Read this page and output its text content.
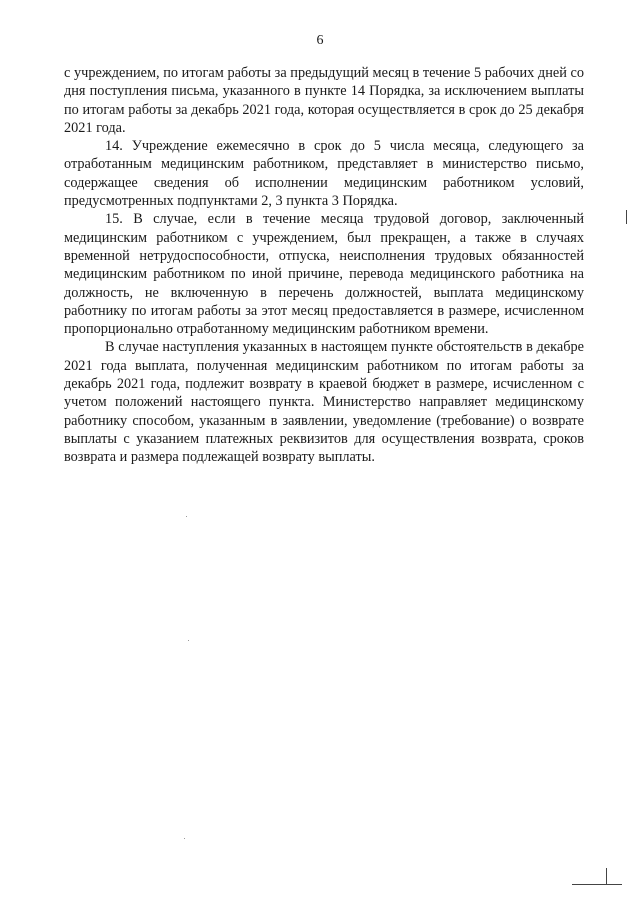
6

с учреждением, по итогам работы за предыдущий месяц в течение 5 рабочих дней со дня поступления письма, указанного в пункте 14 Порядка, за исключением выплаты по итогам работы за декабрь 2021 года, которая осуществляется в срок до 25 декабря 2021 года.

14. Учреждение ежемесячно в срок до 5 числа месяца, следующего за отработанным медицинским работником, представляет в министерство письмо, содержащее сведения об исполнении медицинским работником условий, предусмотренных подпунктами 2, 3 пункта 3 Порядка.

15. В случае, если в течение месяца трудовой договор, заключенный медицинским работником с учреждением, был прекращен, а также в случаях временной нетрудоспособности, отпуска, неисполнения трудовых обязанностей медицинским работником по иной причине, перевода медицинского работника на должность, не включенную в перечень должностей, выплата медицинскому работнику по итогам работы за этот месяц предоставляется в размере, исчисленном пропорционально отработанному медицинским работником времени.

В случае наступления указанных в настоящем пункте обстоятельств в декабре 2021 года выплата, полученная медицинским работником по итогам работы за декабрь 2021 года, подлежит возврату в краевой бюджет в размере, исчисленном с учетом положений настоящего пункта. Министерство направляет медицинскому работнику способом, указанным в заявлении, уведомление (требование) о возврате выплаты с указанием платежных реквизитов для осуществления возврата, сроков возврата и размера подлежащей возврату выплаты.
